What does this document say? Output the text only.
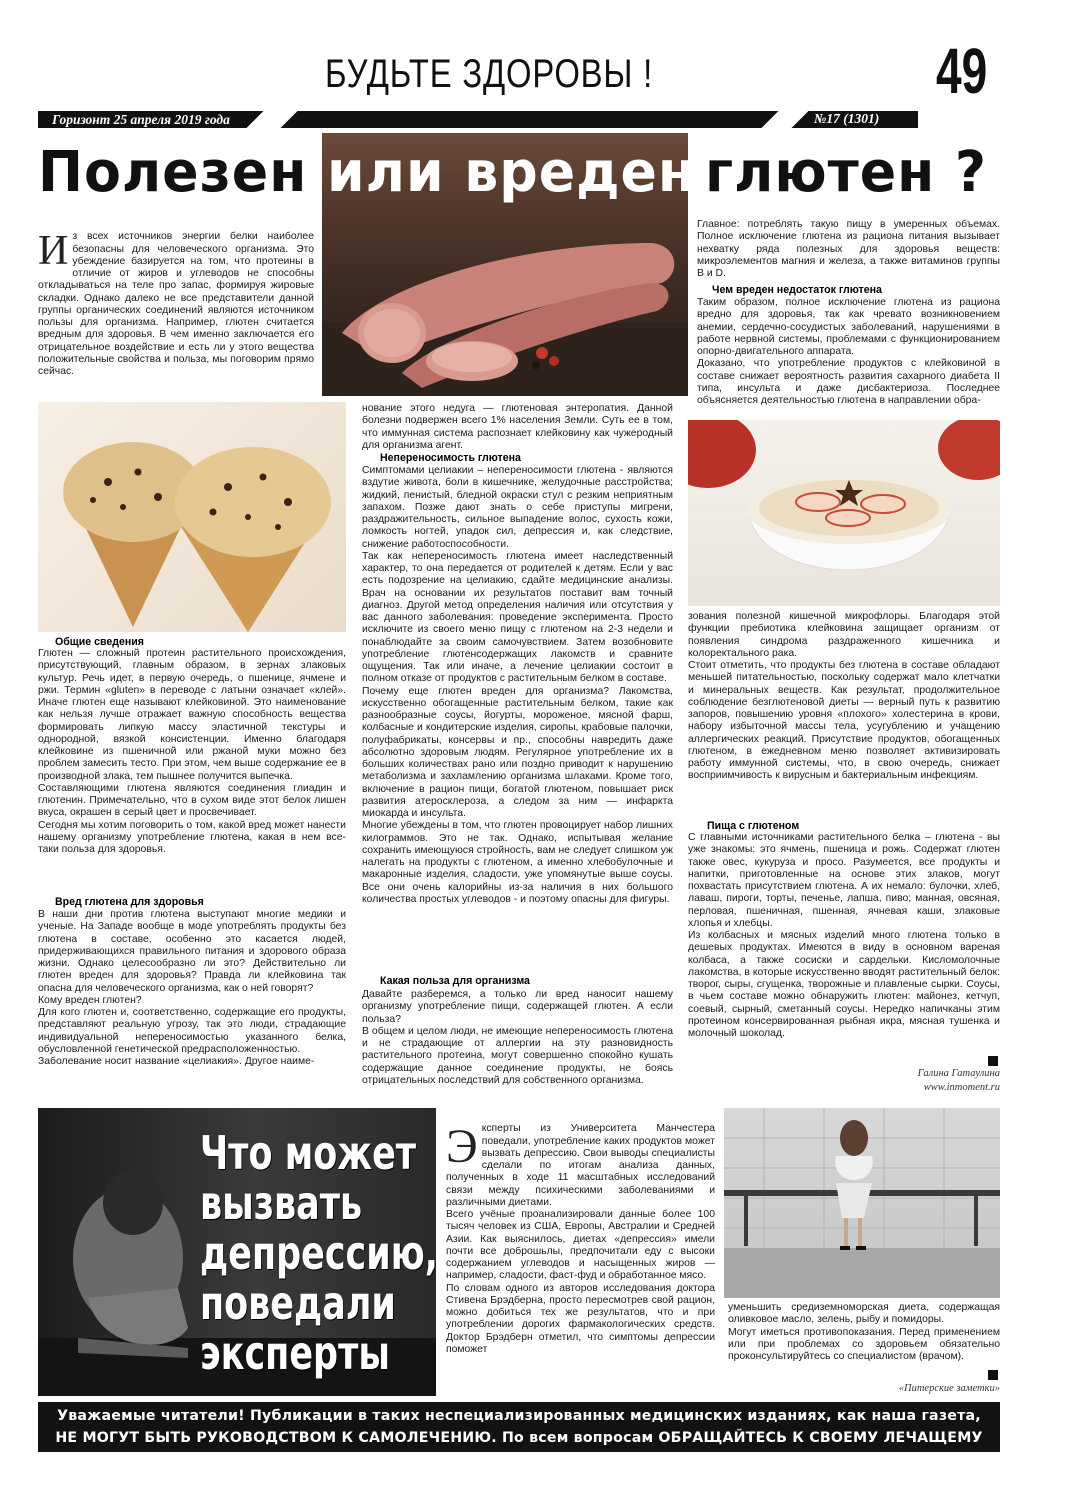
БУДЬТЕ ЗДОРОВЫ !	49
Горизонт 25 апреля 2019 года	№17 (1301)
Полезен или вреден глютен ?

Из всех источников энергии белки наиболее безопасны для человеческого организма. Это убеждение базируется на том, что протеины в отличие от жиров и углеводов не способны откладываться на теле про запас, формируя жировые складки. Однако далеко не все представители данной группы органических соединений являются источником пользы для организма. Например, глютен считается вредным для здоровья. В чем именно заключается его отрицательное воздействие и есть ли у этого вещества положительные свойства и польза, мы поговорим прямо сейчас.

Общие сведения
Глютен — сложный протеин растительного происхождения, присутствующий, главным образом, в зернах злаковых культур. Речь идет, в первую очередь, о пшенице, ячмене и ржи. Термин «gluten» в переводе с латыни означает «клей». Иначе глютен еще называют клейковиной. Это наименование как нельзя лучше отражает важную способность вещества формировать липкую массу эластичной текстуры и однородной, вязкой консистенции. Именно благодаря клейковине из пшеничной или ржаной муки можно без проблем замесить тесто. При этом, чем выше содержание ее в производной злака, тем пышнее получится выпечка.
Составляющими глютена являются соединения глиадин и глютенин. Примечательно, что в сухом виде этот белок лишен вкуса, окрашен в серый цвет и просвечивает.
Сегодня мы хотим поговорить о том, какой вред может нанести нашему организму употребление глютена, какая в нем все-таки польза для здоровья.
Вред глютена для здоровья
В наши дни против глютена выступают многие медики и ученые. На Западе вообще в моде употреблять продукты без глютена в составе, особенно это касается людей, придерживающихся правильного питания и здорового образа жизни. Однако целесообразно ли это? Действительно ли глютен вреден для здоровья? Правда ли клейковина так опасна для человеческого организма, как о ней говорят?
Кому вреден глютен?
Для кого глютен и, соответственно, содержащие его продукты, представляют реальную угрозу, так это люди, страдающие индивидуальной непереносимостью указанного белка, обусловленной генетической предрасположенностью.
Заболевание носит название «целиакия». Другое наиме-
нование этого недуга — глютеновая энтеропатия. Данной болезни подвержен всего 1% населения Земли. Суть ее в том, что иммунная система распознает клейковину как чужеродный для организма агент.
Непереносимость глютена
Симптомами целиакии – непереносимости глютена - являются вздутие живота, боли в кишечнике, желудочные расстройства; жидкий, пенистый, бледной окраски стул с резким неприятным запахом. Позже дают знать о себе приступы мигрени, раздражительность, сильное выпадение волос, сухость кожи, ломкость ногтей, упадок сил, депрессия и, как следствие, снижение работоспособности.
Так как непереносимость глютена имеет наследственный характер, то она передается от родителей к детям. Если у вас есть подозрение на целиакию, сдайте медицинские анализы. Врач на основании их результатов поставит вам точный диагноз. Другой метод определения наличия или отсутствия у вас данного заболевания: проведение эксперимента. Просто исключите из своего меню пищу с глютеном на 2-3 недели и понаблюдайте за своим самочувствием. Затем возобновите употребление глютенсодержащих лакомств и сравните ощущения. Так или иначе, а лечение целиакии состоит в полном отказе от продуктов с растительным белком в составе.
Почему еще глютен вреден для организма? Лакомства, искусственно обогащенные растительным белком, такие как разнообразные соусы, йогурты, мороженое, мясной фарш, колбасные и кондитерские изделия, сиропы, крабовые палочки, полуфабрикаты, консервы и пр., способны навредить даже абсолютно здоровым людям. Регулярное употребление их в больших количествах рано или поздно приводит к нарушению метаболизма и захламлению организма шлаками. Кроме того, включение в рацион пищи, богатой глютеном, повышает риск развития атеросклероза, а следом за ним — инфаркта миокарда и инсульта.
Многие убеждены в том, что глютен провоцирует набор лишних килограммов. Это не так. Однако, испытывая желание сохранить имеющуюся стройность, вам не следует слишком уж налегать на продукты с глютеном, а именно хлебобулочные и макаронные изделия, сладости, уже упомянутые выше соусы. Все они очень калорийны из-за наличия в них большого количества простых углеводов - и поэтому опасны для фигуры.
Какая польза для организма
Давайте разберемся, а только ли вред наносит нашему организму употребление пищи, содержащей глютен. А если польза?
В общем и целом люди, не имеющие непереносимость глютена и не страдающие от аллергии на эту разновидность растительного протеина, могут совершенно спокойно кушать содержащие данное соединение продукты, не боясь отрицательных последствий для собственного организма.
Главное: потреблять такую пищу в умеренных объемах. Полное исключение глютена из рациона питания вызывает нехватку ряда полезных для здоровья веществ: микроэлементов магния и железа, а также витаминов группы В и D.
Чем вреден недостаток глютена
Таким образом, полное исключение глютена из рациона вредно для здоровья, так как чревато возникновением анемии, сердечно-сосудистых заболеваний, нарушениями в работе нервной системы, проблемами с функционированием опорно-двигательного аппарата.
Доказано, что употребление продуктов с клейковиной в составе снижает вероятность развития сахарного диабета II типа, инсульта и даже дисбактериоза. Последнее объясняется деятельностью глютена в направлении обра-
зования полезной кишечной микрофлоры. Благодаря этой функции пребиотика клейковина защищает организм от появления синдрома раздраженного кишечника и колоректального рака.
Стоит отметить, что продукты без глютена в составе обладают меньшей питательностью, поскольку содержат мало клетчатки и минеральных веществ. Как результат, продолжительное соблюдение безглютеновой диеты — верный путь к развитию запоров, повышению уровня «плохого» холестерина в крови, набору избыточной массы тела, усугублению и учащению аллергических реакций. Присутствие продуктов, обогащенных глютеном, в ежедневном меню позволяет активизировать работу иммунной системы, что, в свою очередь, снижает восприимчивость к вирусным и бактериальным инфекциям.
Пища с глютеном
С главными источниками растительного белка – глютена - вы уже знакомы: это ячмень, пшеница и рожь. Содержат глютен также овес, кукуруза и просо. Разумеется, все продукты и напитки, приготовленные на основе этих злаков, могут похвастать присутствием глютена. А их немало: булочки, хлеб, лаваш, пироги, торты, печенье, лапша, пиво; манная, овсяная, перловая, пшеничная, пшенная, ячневая каши, злаковые хлопья и хлебцы.
Из колбасных и мясных изделий много глютена только в дешевых продуктах. Имеются в виду в основном вареная колбаса, а также сосиски и сардельки. Кисломолочные лакомства, в которые искусственно вводят растительный белок: творог, сыры, сгущенка, творожные и плавленые сырки. Соусы, в чьем составе можно обнаружить глютен: майонез, кетчуп, соевый, сырный, сметанный соусы. Нередко напичканы этим протеином консервированная рыбная икра, мясная тушенка и молочный шоколад.
Галина Гатаулина
www.inmoment.ru
Что может
вызвать
депрессию,
поведали
эксперты

Эксперты из Университета Манчестера поведали, употребление каких продуктов может вызвать депрессию. Свои выводы специалисты сделали по итогам анализа данных, полученных в ходе 11 масштабных исследований связи между психическими заболеваниями и различными диетами.
Всего учёные проанализировали данные более 100 тысяч человек из США, Европы, Австралии и Средней Азии. Как выяснилось, диетах «депрессия» имели почти все доброшьлы, предпочитали еду с высоки содержанием углеводов и насыщенных жиров — например, сладости, фаст-фуд и обработанное мясо.
По словам одного из авторов исследования доктора Стивена Брэдберна, просто пересмотрев свой рацион, можно добиться тех же результатов, что и при употреблении дорогих фармакологических средств. Доктор Брэдберн отметил, что симптомы депрессии поможет

уменьшить средиземноморская диета, содержащая оливковое масло, зелень, рыбу и помидоры.
Могут иметься противопоказания. Перед применением или при проблемах со здоровьем обязательно проконсультируйтесь со специалистом (врачом).
«Питерские заметки»
Уважаемые читатели! Публикации в таких неспециализированных медицинских изданиях, как наша газета,
НЕ МОГУТ БЫТЬ РУКОВОДСТВОМ К САМОЛЕЧЕНИЮ. По всем вопросам ОБРАЩАЙТЕСЬ К СВОЕМУ ЛЕЧАЩЕМУ ВРАЧУ.
